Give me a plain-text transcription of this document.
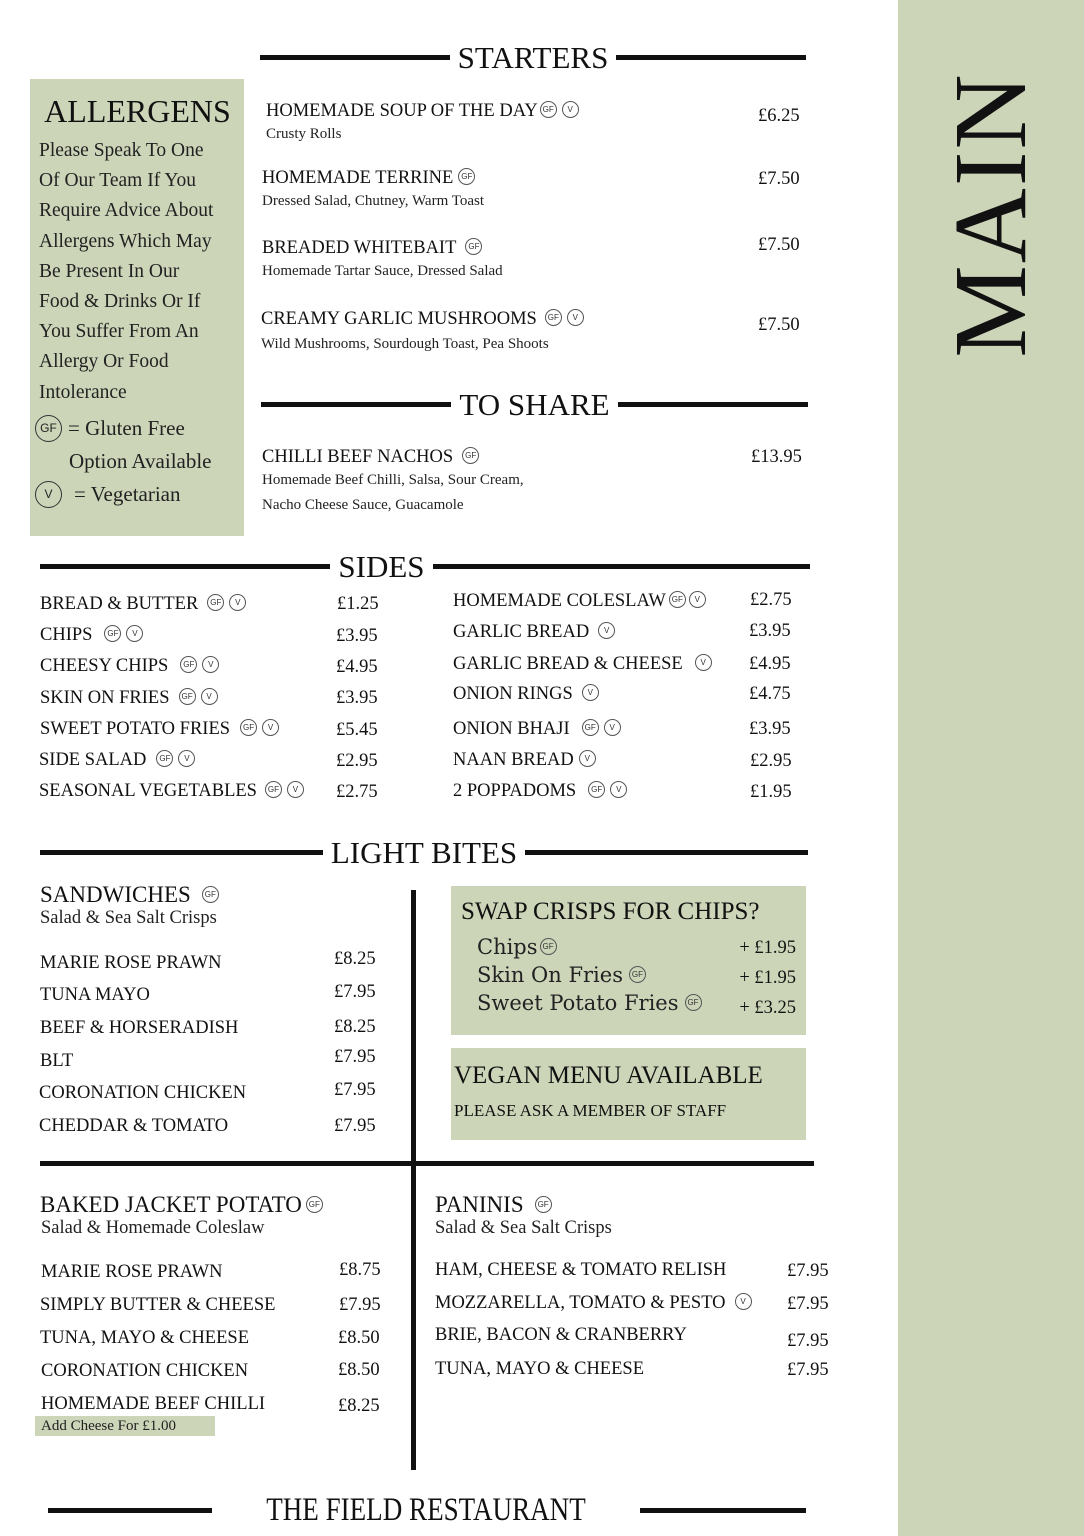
MAIN
ALLERGENS
Please Speak To One
Of Our Team If You
Require Advice About
Allergens Which May
Be Present In Our
Food & Drinks Or If
You Suffer From An
Allergy Or Food
Intolerance
GF = Gluten Free
Option Available
V	= Vegetarian
STARTERS
HOMEMADE SOUP OF THE DAY GF V
Crusty Rolls
£6.25
HOMEMADE TERRINE GF
Dressed Salad, Chutney, Warm Toast
£7.50
BREADED WHITEBAIT GF
Homemade Tartar Sauce, Dressed Salad
£7.50
CREAMY GARLIC MUSHROOMS GF V
Wild Mushrooms, Sourdough Toast, Pea Shoots
£7.50
TO SHARE
CHILLI BEEF NACHOS GF
Homemade Beef Chilli, Salsa, Sour Cream,
Nacho Cheese Sauce, Guacamole
£13.95
SIDES
BREAD & BUTTER GF V	£1.25
CHIPS GF V	£3.95
CHEESY CHIPS GF V	£4.95
SKIN ON FRIES GF V	£3.95
SWEET POTATO FRIES GF V	£5.45
SIDE SALAD GF V	£2.95
SEASONAL VEGETABLES GF V	£2.75
HOMEMADE COLESLAW GF V	£2.75
GARLIC BREAD V	£3.95
GARLIC BREAD & CHEESE V	£4.95
ONION RINGS V	£4.75
ONION BHAJI GF V	£3.95
NAAN BREAD V	£2.95
2 POPPADOMS GF V	£1.95
LIGHT BITES
SANDWICHES GF
Salad & Sea Salt Crisps
MARIE ROSE PRAWN	£8.25
TUNA MAYO	£7.95
BEEF & HORSERADISH	£8.25
BLT	£7.95
CORONATION CHICKEN	£7.95
CHEDDAR & TOMATO	£7.95
SWAP CRISPS FOR CHIPS?
Chips GF	+ £1.95
Skin On Fries GF	+ £1.95
Sweet Potato Fries GF + £3.25
VEGAN MENU AVAILABLE
PLEASE ASK A MEMBER OF STAFF
BAKED JACKET POTATO GF
Salad & Homemade Coleslaw
MARIE ROSE PRAWN	£8.75
SIMPLY BUTTER & CHEESE	£7.95
TUNA, MAYO & CHEESE	£8.50
CORONATION CHICKEN	£8.50
HOMEMADE BEEF CHILLI	£8.25
Add Cheese For £1.00
PANINIS GF
Salad & Sea Salt Crisps
HAM, CHEESE & TOMATO RELISH	£7.95
MOZZARELLA, TOMATO & PESTO V	£7.95
BRIE, BACON & CRANBERRY	£7.95
TUNA, MAYO & CHEESE	£7.95
THE FIELD RESTAURANT
